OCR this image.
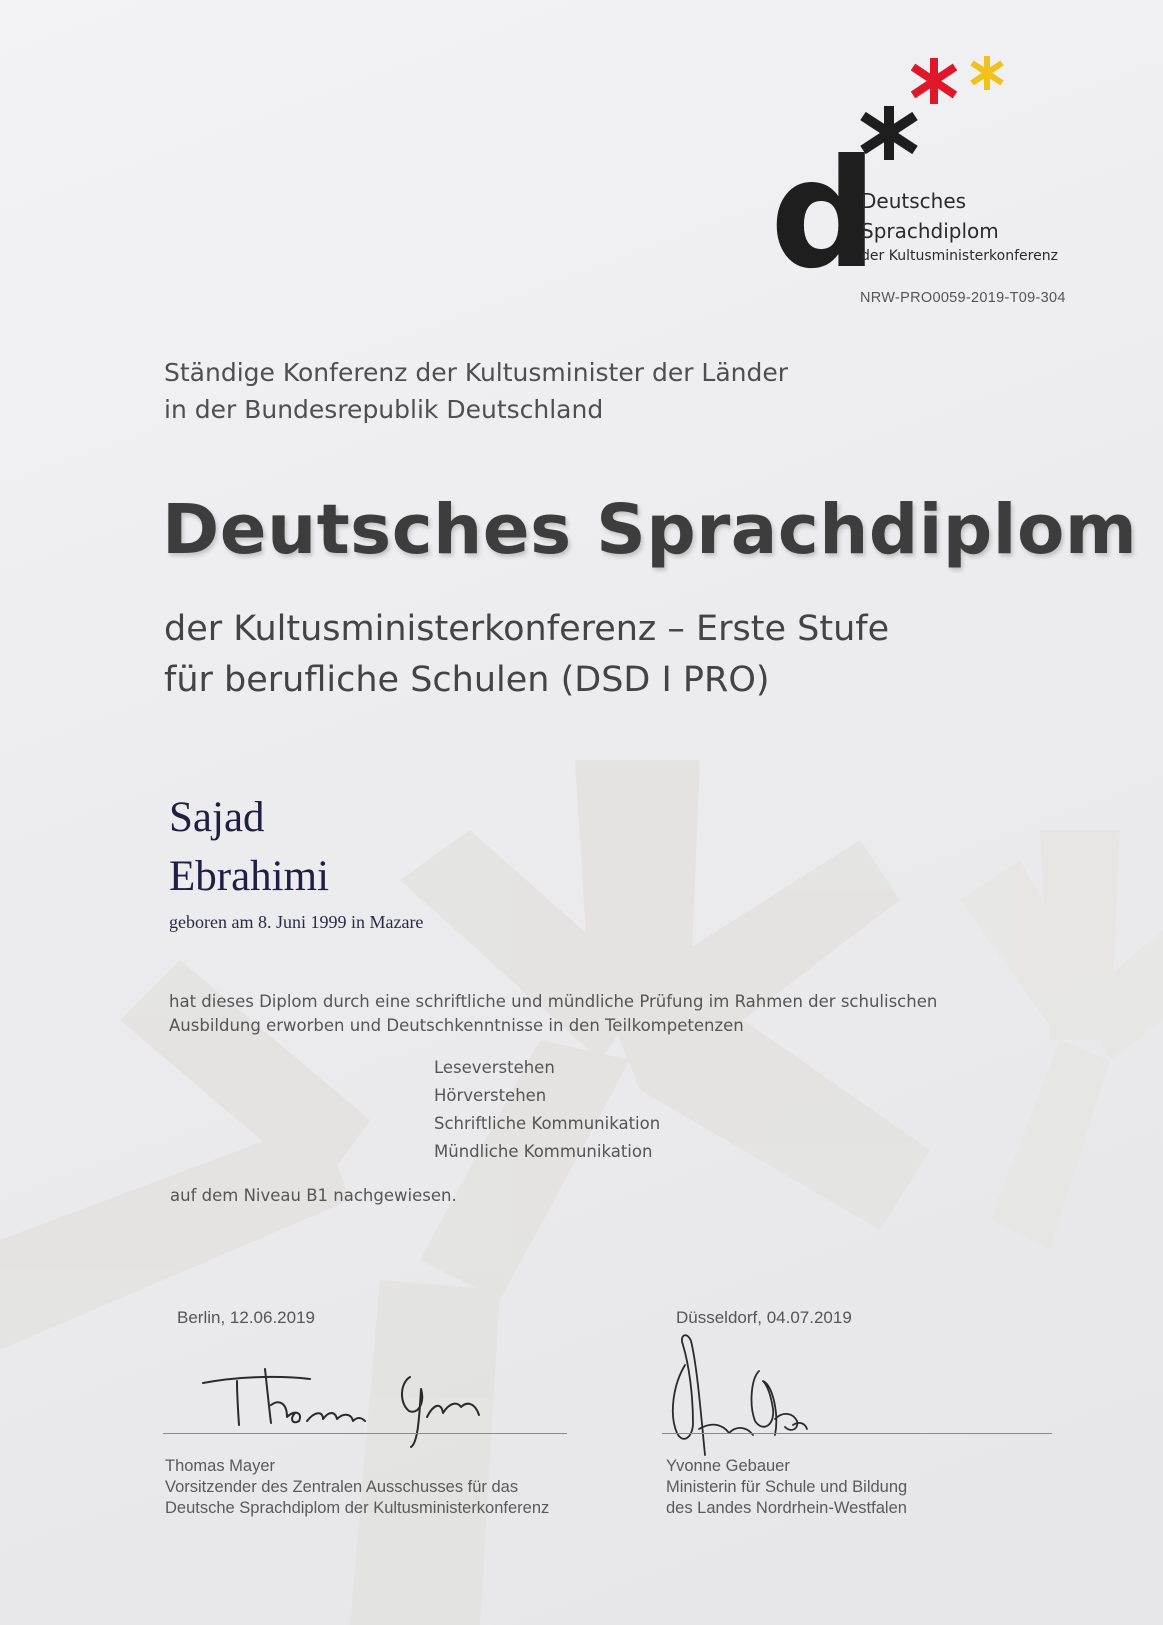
d
Deutsches
Sprachdiplom
der Kultusministerkonferenz
NRW-PRO0059-2019-T09-304
Ständige Konferenz der Kultusminister der Länder
in der Bundesrepublik Deutschland
Deutsches Sprachdiplom
der Kultusministerkonferenz – Erste Stufe
für berufliche Schulen (DSD I PRO)
Sajad
Ebrahimi
geboren am 8. Juni 1999 in Mazare
hat dieses Diplom durch eine schriftliche und mündliche Prüfung im Rahmen der schulischen
Ausbildung erworben und Deutschkenntnisse in den Teilkompetenzen
Leseverstehen
Hörverstehen
Schriftliche Kommunikation
Mündliche Kommunikation
auf dem Niveau B1 nachgewiesen.
Berlin, 12.06.2019	Düsseldorf, 04.07.2019
Thomas Mayer
Vorsitzender des Zentralen Ausschusses für das
Deutsche Sprachdiplom der Kultusministerkonferenz
Yvonne Gebauer
Ministerin für Schule und Bildung
des Landes Nordrhein-Westfalen
